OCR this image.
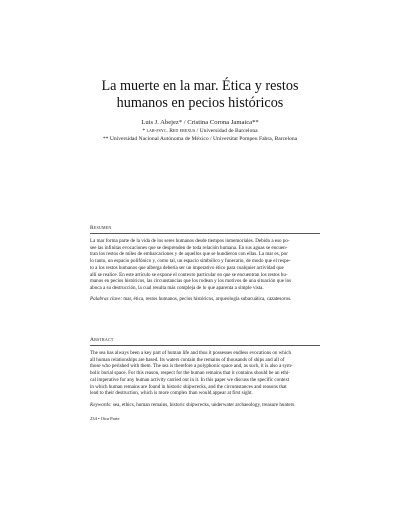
La muerte en la mar. Ética y restos
humanos en pecios históricos
Luis J. Abejez* / Cristina Corona Jamaica**
* lab-fsyc. Red erexus / Universidad de Barcelona
** Universidad Nacional Autónoma de México / Universitat Pompeu Fabra, Barcelona
Resumen
La mar forma parte de la vida de los seres humanos desde tiempos inmemoriales. Debido a eso po-
see las infinitas evocaciones que se desprenden de toda relación humana. En sus aguas se encuen-
tran los restos de miles de embarcaciones y de aquellos que se hundieron con ellas. La mar es, por
lo tanto, un espacio polifónico y, como tal, un espacio simbólico y funerario, de modo que el respe-
to a los restos humanos que alberga debería ser un imperativo ético para cualquier actividad que
allí se realice. En este artículo se expone el contexto particular en que se encuentran los restos hu-
manos en pecios históricos, las circunstancias que los rodean y los motivos de una situación que los
aboca a su destrucción, la cual resulta más compleja de lo que aparenta a simple vista.
Palabras clave: mar, ética, restos humanos, pecios históricos, arqueología subacuática, cazatesoros.
Abstract
The sea has always been a key part of human life and thus it possesses endless evocations on which
all human relationships are based. Its waters contain the remains of thousands of ships and all of
those who perished with them. The sea is therefore a polyphonic space and, as such, it is also a sym-
bolic burial space. For this reason, respect for the human remains that it contains should be an ethi-
cal imperative for any human activity carried out in it. In this paper we discuss the specific context
in which human remains are found in historic shipwrecks, and the circumstances and reasons that
lead to their destruction, which is more complex than would appear at first sight.
Keywords: sea, ethics, human remains, historic shipwrecks, underwater archaeology, treasure hunters.
234 • Otra Parte
